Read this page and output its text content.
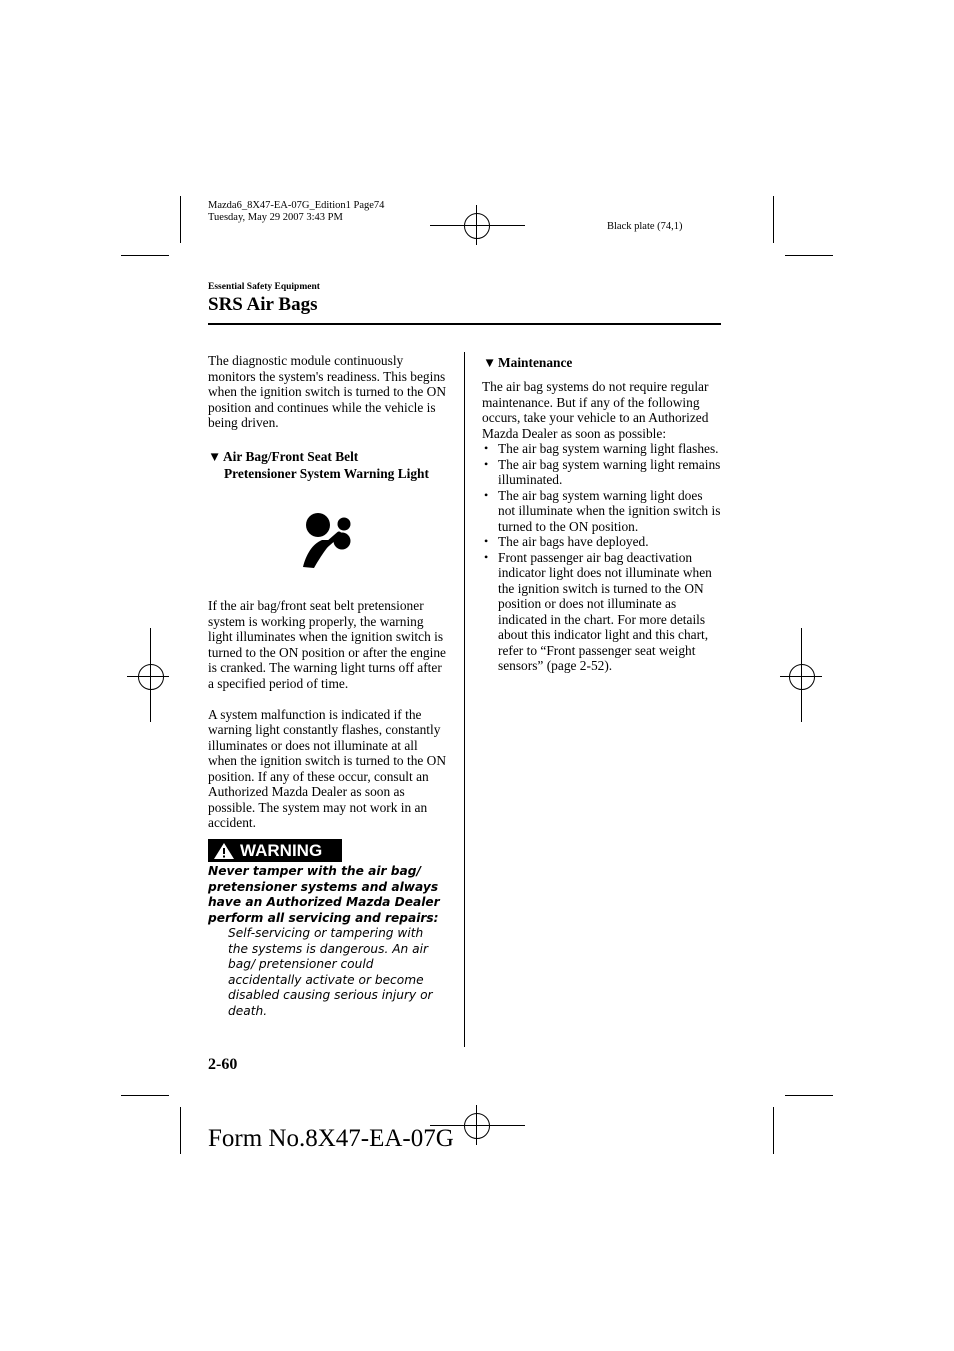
Mazda6_8X47-EA-07G_Edition1 Page74
Tuesday, May 29 2007 3:43 PM
Black plate (74,1)
Essential Safety Equipment
SRS Air Bags

The diagnostic module continuously monitors the system's readiness. This begins when the ignition switch is turned to the ON position and continues while the vehicle is being driven.

▼ Air Bag/Front Seat Belt
Pretensioner System Warning Light

If the air bag/front seat belt pretensioner system is working properly, the warning light illuminates when the ignition switch is turned to the ON position or after the engine is cranked. The warning light turns off after a specified period of time.

A system malfunction is indicated if the warning light constantly flashes, constantly illuminates or does not illuminate at all when the ignition switch is turned to the ON position. If any of these occur, consult an Authorized Mazda Dealer as soon as possible. The system may not work in an accident.

WARNING
Never tamper with the air bag/ pretensioner systems and always have an Authorized Mazda Dealer perform all servicing and repairs:
Self-servicing or tampering with the systems is dangerous. An air bag/ pretensioner could accidentally activate or become disabled causing serious injury or death.
▼ Maintenance

The air bag systems do not require regular maintenance. But if any of the following occurs, take your vehicle to an Authorized Mazda Dealer as soon as possible:

• The air bag system warning light flashes.
• The air bag system warning light remains illuminated.
• The air bag system warning light does not illuminate when the ignition switch is turned to the ON position.
• The air bags have deployed.
• Front passenger air bag deactivation indicator light does not illuminate when the ignition switch is turned to the ON position or does not illuminate as indicated in the chart. For more details about this indicator light and this chart, refer to “Front passenger seat weight sensors” (page 2-52).
2-60
Form No.8X47-EA-07G
